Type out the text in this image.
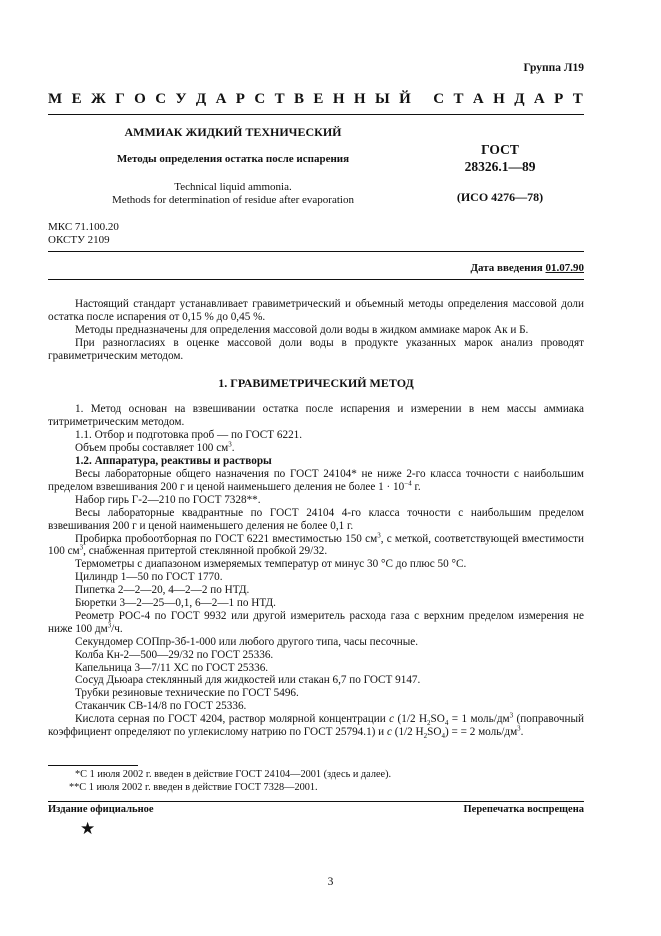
Группа Л19
М Е Ж Г О С У Д А Р С Т В Е Н Н Ы Й
С Т А Н Д А Р Т
АММИАК ЖИДКИЙ ТЕХНИЧЕСКИЙ
Методы определения остатка после испарения
Technical liquid ammonia.
Methods for determination of residue after evaporation
ГОСТ
28326.1—89
(ИСО 4276—78)
МКС 71.100.20
ОКСТУ 2109
Дата введения 01.07.90

Настоящий стандарт устанавливает гравиметрический и объемный методы определения массовой доли остатка после испарения от 0,15 % до 0,45 %.

Методы предназначены для определения массовой доли воды в жидком аммиаке марок Ак и Б.

При разногласиях в оценке массовой доли воды в продукте указанных марок анализ проводят гравиметрическим методом.

1. ГРАВИМЕТРИЧЕСКИЙ МЕТОД

1. Метод основан на взвешивании остатка после испарения и измерении в нем массы аммиака титриметрическим методом.

1.1. Отбор и подготовка проб — по ГОСТ 6221.

Объем пробы составляет 100 $см^3$.

1.2. Аппаратура, реактивы и растворы

Весы лабораторные общего назначения по ГОСТ 24104* не ниже 2-го класса точности с наибольшим пределом взвешивания 200 г и ценой наименьшего деления не более $1 \cdot 10^{-4}$ г.

Набор гирь Г-2—210 по ГОСТ 7328**.

Весы лабораторные квадрантные по ГОСТ 24104 4-го класса точности с наибольшим пределом взвешивания 200 г и ценой наименьшего деления не более 0,1 г.

Пробирка пробоотборная по ГОСТ 6221 вместимостью 150 $см^3$, с меткой, соответствующей вместимости 100 $см^3$, снабженная притертой стеклянной пробкой 29/32.

Термометры с диапазоном измеряемых температур от минус 30 °С до плюс 50 °С.

Цилиндр 1—50 по ГОСТ 1770.

Пипетка 2—2—20, 4—2—2 по НТД.

Бюретки 3—2—25—0,1, 6—2—1 по НТД.

Реометр РОС-4 по ГОСТ 9932 или другой измеритель расхода газа с верхним пределом измерения не ниже 100 $дм^3/ч$.

Секундомер СОПпр-3б-1-000 или любого другого типа, часы песочные.

Колба Кн-2—500—29/32 по ГОСТ 25336.

Капельница 3—7/11 ХС по ГОСТ 25336.

Сосуд Дьюара стеклянный для жидкостей или стакан 6,7 по ГОСТ 9147.

Трубки резиновые технические по ГОСТ 5496.

Стаканчик СВ-14/8 по ГОСТ 25336.

Кислота серная по ГОСТ 4204, раствор молярной концентрации c (1/2 $H_2SO_4 = 1$ моль/$дм^3$ (поправочный коэффициент определяют по углекислому натрию по ГОСТ 25794.1) и c (1/2 $H_2SO_4$) = = 2 моль/$дм^3$.

*С 1 июля 2002 г. введен в действие ГОСТ 24104—2001 (здесь и далее).
**С 1 июля 2002 г. введен в действие ГОСТ 7328—2001.
Издание официальное	Перепечатка воспрещена
★
3
